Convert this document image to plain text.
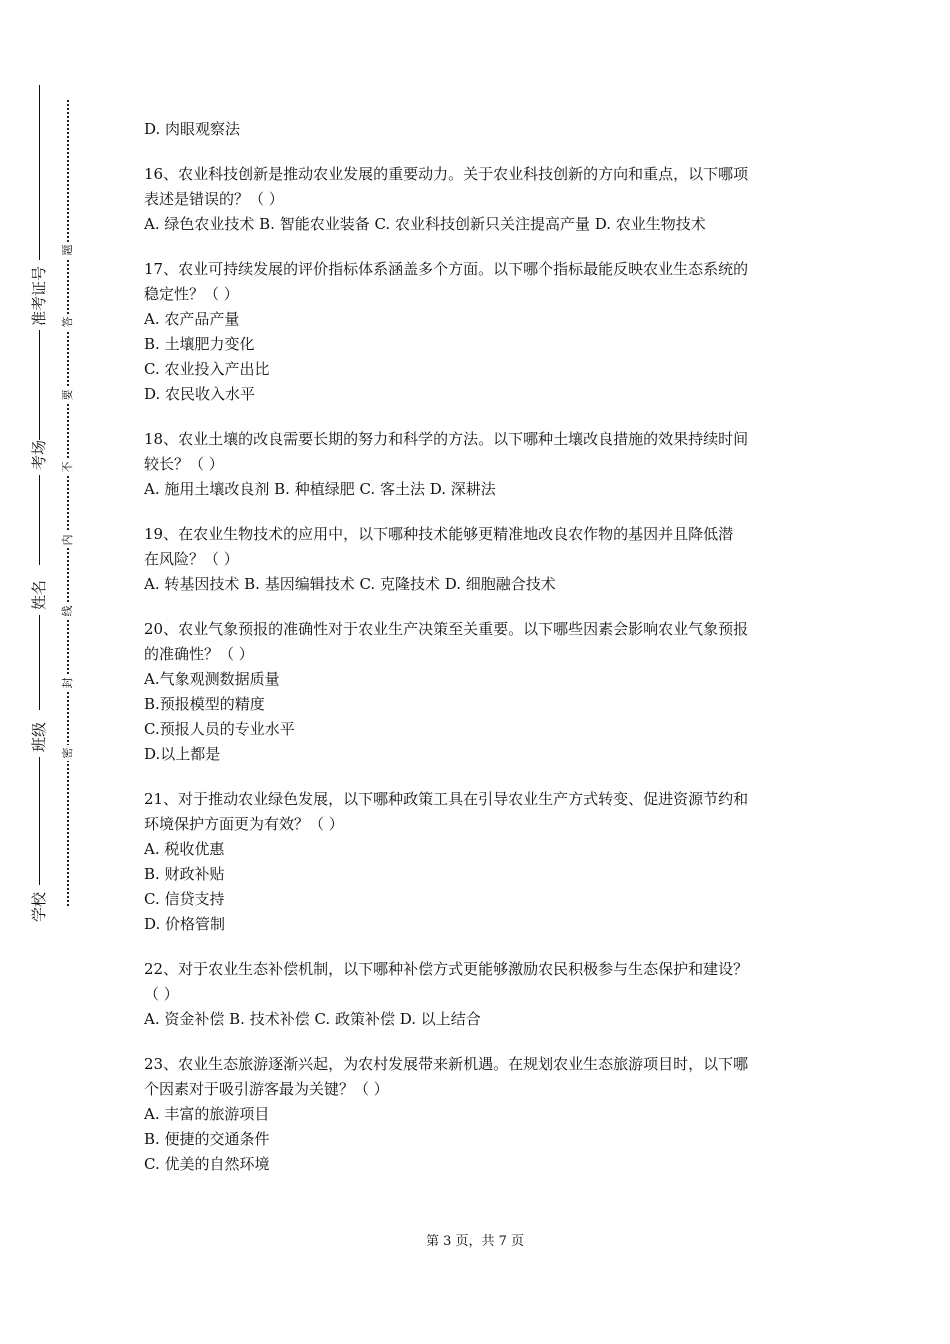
准考证号
考场
姓名
班级
学校
题
答
要
不
内
线
封
密
D. 肉眼观察法
16、农业科技创新是推动农业发展的重要动力。关于农业科技创新的方向和重点，以下哪项
表述是错误的？（ ）
A. 绿色农业技术 B. 智能农业装备 C. 农业科技创新只关注提高产量 D. 农业生物技术
17、农业可持续发展的评价指标体系涵盖多个方面。以下哪个指标最能反映农业生态系统的
稳定性？（ ）
A. 农产品产量
B. 土壤肥力变化
C. 农业投入产出比
D. 农民收入水平
18、农业土壤的改良需要长期的努力和科学的方法。以下哪种土壤改良措施的效果持续时间
较长？（ ）
A. 施用土壤改良剂 B. 种植绿肥 C. 客土法 D. 深耕法
19、在农业生物技术的应用中，以下哪种技术能够更精准地改良农作物的基因并且降低潜
在风险？（ ）
A. 转基因技术 B. 基因编辑技术 C. 克隆技术 D. 细胞融合技术
20、农业气象预报的准确性对于农业生产决策至关重要。以下哪些因素会影响农业气象预报
的准确性？（ ）
A.气象观测数据质量
B.预报模型的精度
C.预报人员的专业水平
D.以上都是
21、对于推动农业绿色发展，以下哪种政策工具在引导农业生产方式转变、促进资源节约和
环境保护方面更为有效？（ ）
A. 税收优惠
B. 财政补贴
C. 信贷支持
D. 价格管制
22、对于农业生态补偿机制，以下哪种补偿方式更能够激励农民积极参与生态保护和建设？
（ ）
A. 资金补偿 B. 技术补偿 C. 政策补偿 D. 以上结合
23、农业生态旅游逐渐兴起，为农村发展带来新机遇。在规划农业生态旅游项目时，以下哪
个因素对于吸引游客最为关键？（ ）
A. 丰富的旅游项目
B. 便捷的交通条件
C. 优美的自然环境
第 3 页，共 7 页
